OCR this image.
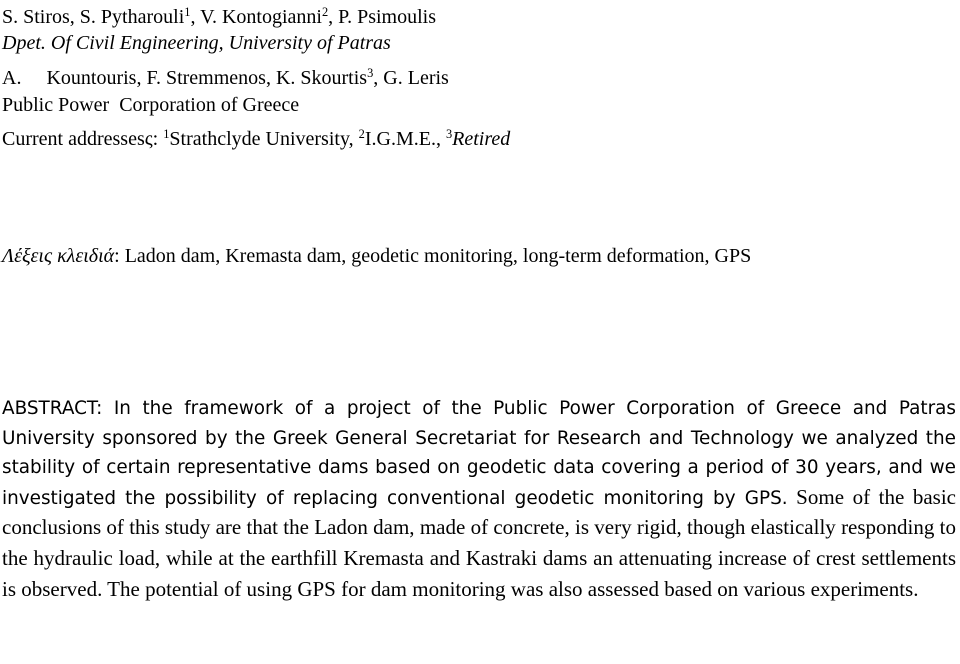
S. Stiros, S. Pytharouli$^1$, V. Kontogianni$^2$, P. Psimoulis
Dpet. Of Civil Engineering, University of Patras
A.     Kountouris, F. Stremmenos, K. Skourtis$^3$, G. Leris
Public Power  Corporation of Greece
Current addressesς: $^1$Strathclyde University, $^2$I.G.M.E., $^3$Retired
Λέξεις κλειδιά: Ladon dam, Kremasta dam, geodetic monitoring, long-term deformation, GPS
ABSTRACT: In the framework of a project of the Public Power Corporation of Greece and Patras University sponsored by the Greek General Secretariat for Research and Technology we analyzed the stability of certain representative dams based on geodetic data covering a period of 30 years, and we investigated the possibility of replacing conventional geodetic monitoring by GPS. Some of the basic conclusions of this study are that the Ladon dam, made of concrete, is very rigid, though elastically responding to the hydraulic load, while at the earthfill Kremasta and Kastraki dams an attenuating increase of crest settlements is observed. The potential of using GPS for dam monitoring was also assessed based on various experiments.
